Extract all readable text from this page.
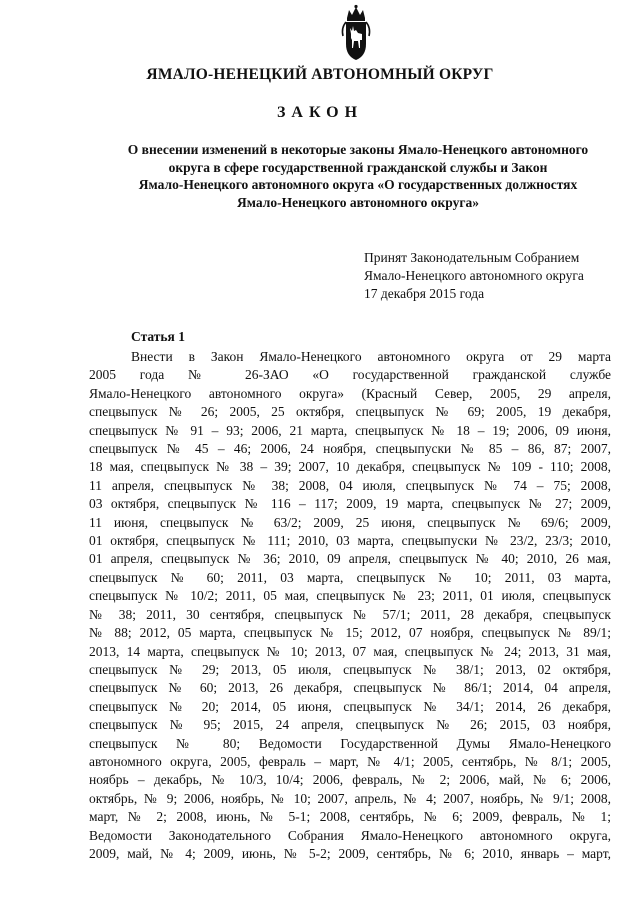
ЯМАЛО-НЕНЕЦКИЙ АВТОНОМНЫЙ ОКРУГ
ЗАКОН
О внесении изменений в некоторые законы Ямало-Ненецкого автономного
округа в сфере государственной гражданской службы и Закон
Ямало-Ненецкого автономного округа «О государственных должностях
Ямало-Ненецкого автономного округа»
Принят Законодательным Собранием
Ямало-Ненецкого автономного округа
17 декабря 2015 года
Статья 1
Внести в Закон Ямало-Ненецкого автономного округа от 29 марта
2005 года № 26-ЗАО «О государственной гражданской службе
Ямало-Ненецкого автономного округа» (Красный Север, 2005, 29 апреля,
спецвыпуск № 26; 2005, 25 октября, спецвыпуск № 69; 2005, 19 декабря,
спецвыпуск № 91 – 93; 2006, 21 марта, спецвыпуск № 18 – 19; 2006, 09 июня,
спецвыпуск № 45 – 46; 2006, 24 ноября, спецвыпуски № 85 – 86, 87; 2007,
18 мая, спецвыпуск № 38 – 39; 2007, 10 декабря, спецвыпуск № 109 - 110; 2008,
11 апреля, спецвыпуск № 38; 2008, 04 июля, спецвыпуск № 74 – 75; 2008,
03 октября, спецвыпуск № 116 – 117; 2009, 19 марта, спецвыпуск № 27; 2009,
11 июня, спецвыпуск № 63/2; 2009, 25 июня, спецвыпуск № 69/6; 2009,
01 октября, спецвыпуск № 111; 2010, 03 марта, спецвыпуски № 23/2, 23/3; 2010,
01 апреля, спецвыпуск № 36; 2010, 09 апреля, спецвыпуск № 40; 2010, 26 мая,
спецвыпуск № 60; 2011, 03 марта, спецвыпуск № 10; 2011, 03 марта,
спецвыпуск № 10/2; 2011, 05 мая, спецвыпуск № 23; 2011, 01 июля, спецвыпуск
№ 38; 2011, 30 сентября, спецвыпуск № 57/1; 2011, 28 декабря, спецвыпуск
№ 88; 2012, 05 марта, спецвыпуск № 15; 2012, 07 ноября, спецвыпуск № 89/1;
2013, 14 марта, спецвыпуск № 10; 2013, 07 мая, спецвыпуск № 24; 2013, 31 мая,
спецвыпуск № 29; 2013, 05 июля, спецвыпуск № 38/1; 2013, 02 октября,
спецвыпуск № 60; 2013, 26 декабря, спецвыпуск № 86/1; 2014, 04 апреля,
спецвыпуск № 20; 2014, 05 июня, спецвыпуск № 34/1; 2014, 26 декабря,
спецвыпуск № 95; 2015, 24 апреля, спецвыпуск № 26; 2015, 03 ноября,
спецвыпуск № 80; Ведомости Государственной Думы Ямало-Ненецкого
автономного округа, 2005, февраль – март, № 4/1; 2005, сентябрь, № 8/1; 2005,
ноябрь – декабрь, № 10/3, 10/4; 2006, февраль, № 2; 2006, май, № 6; 2006,
октябрь, № 9; 2006, ноябрь, № 10; 2007, апрель, № 4; 2007, ноябрь, № 9/1; 2008,
март, № 2; 2008, июнь, № 5-1; 2008, сентябрь, № 6; 2009, февраль, № 1;
Ведомости Законодательного Собрания Ямало-Ненецкого автономного округа,
2009, май, № 4; 2009, июнь, № 5-2; 2009, сентябрь, № 6; 2010, январь – март,
